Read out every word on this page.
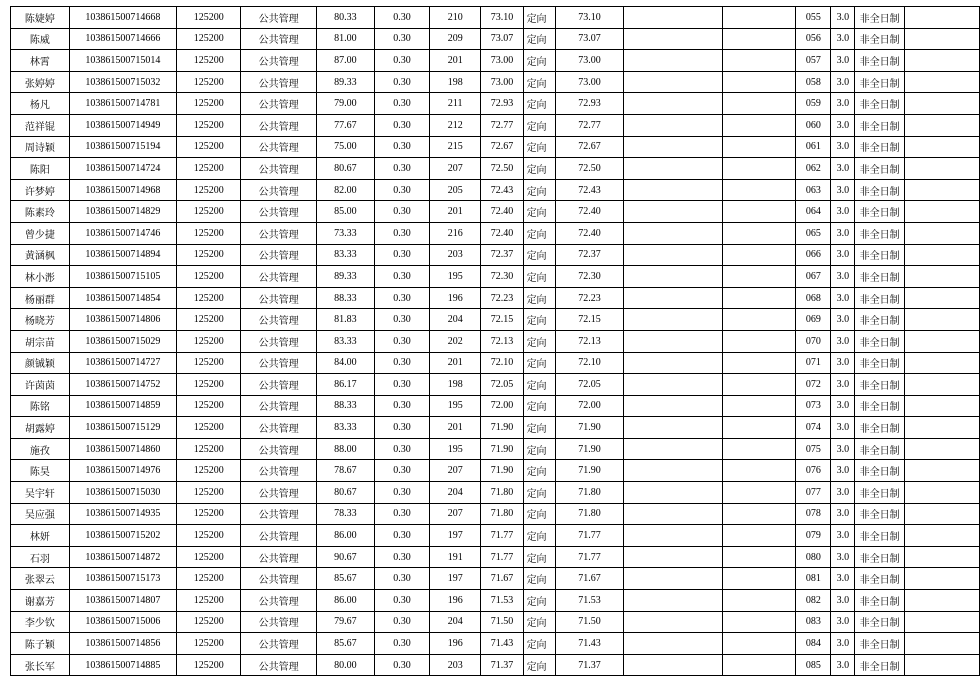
陈婕婷	103861500714668	125200	公共管理	80.33	0.30	210	73.10	定向	73.10			055	3.0	非全日制	
陈威	103861500714666	125200	公共管理	81.00	0.30	209	73.07	定向	73.07			056	3.0	非全日制	
林霄	103861500715014	125200	公共管理	87.00	0.30	201	73.00	定向	73.00			057	3.0	非全日制	
张婷婷	103861500715032	125200	公共管理	89.33	0.30	198	73.00	定向	73.00			058	3.0	非全日制	
杨凡	103861500714781	125200	公共管理	79.00	0.30	211	72.93	定向	72.93			059	3.0	非全日制	
范祥锟	103861500714949	125200	公共管理	77.67	0.30	212	72.77	定向	72.77			060	3.0	非全日制	
周诗颖	103861500715194	125200	公共管理	75.00	0.30	215	72.67	定向	72.67			061	3.0	非全日制	
陈阳	103861500714724	125200	公共管理	80.67	0.30	207	72.50	定向	72.50			062	3.0	非全日制	
许梦婷	103861500714968	125200	公共管理	82.00	0.30	205	72.43	定向	72.43			063	3.0	非全日制	
陈素玲	103861500714829	125200	公共管理	85.00	0.30	201	72.40	定向	72.40			064	3.0	非全日制	
曾少捷	103861500714746	125200	公共管理	73.33	0.30	216	72.40	定向	72.40			065	3.0	非全日制	
黄涵枫	103861500714894	125200	公共管理	83.33	0.30	203	72.37	定向	72.37			066	3.0	非全日制	
林小浵	103861500715105	125200	公共管理	89.33	0.30	195	72.30	定向	72.30			067	3.0	非全日制	
杨丽群	103861500714854	125200	公共管理	88.33	0.30	196	72.23	定向	72.23			068	3.0	非全日制	
杨晓芳	103861500714806	125200	公共管理	81.83	0.30	204	72.15	定向	72.15			069	3.0	非全日制	
胡宗苗	103861500715029	125200	公共管理	83.33	0.30	202	72.13	定向	72.13			070	3.0	非全日制	
颜铖颖	103861500714727	125200	公共管理	84.00	0.30	201	72.10	定向	72.10			071	3.0	非全日制	
许茵茵	103861500714752	125200	公共管理	86.17	0.30	198	72.05	定向	72.05			072	3.0	非全日制	
陈铭	103861500714859	125200	公共管理	88.33	0.30	195	72.00	定向	72.00			073	3.0	非全日制	
胡露婷	103861500715129	125200	公共管理	83.33	0.30	201	71.90	定向	71.90			074	3.0	非全日制	
施孜	103861500714860	125200	公共管理	88.00	0.30	195	71.90	定向	71.90			075	3.0	非全日制	
陈昊	103861500714976	125200	公共管理	78.67	0.30	207	71.90	定向	71.90			076	3.0	非全日制	
吴宇轩	103861500715030	125200	公共管理	80.67	0.30	204	71.80	定向	71.80			077	3.0	非全日制	
吴应强	103861500714935	125200	公共管理	78.33	0.30	207	71.80	定向	71.80			078	3.0	非全日制	
林妍	103861500715202	125200	公共管理	86.00	0.30	197	71.77	定向	71.77			079	3.0	非全日制	
石羽	103861500714872	125200	公共管理	90.67	0.30	191	71.77	定向	71.77			080	3.0	非全日制	
张翠云	103861500715173	125200	公共管理	85.67	0.30	197	71.67	定向	71.67			081	3.0	非全日制	
谢嘉芳	103861500714807	125200	公共管理	86.00	0.30	196	71.53	定向	71.53			082	3.0	非全日制	
李少钦	103861500715006	125200	公共管理	79.67	0.30	204	71.50	定向	71.50			083	3.0	非全日制	
陈子颖	103861500714856	125200	公共管理	85.67	0.30	196	71.43	定向	71.43			084	3.0	非全日制	
张长军	103861500714885	125200	公共管理	80.00	0.30	203	71.37	定向	71.37			085	3.0	非全日制	
